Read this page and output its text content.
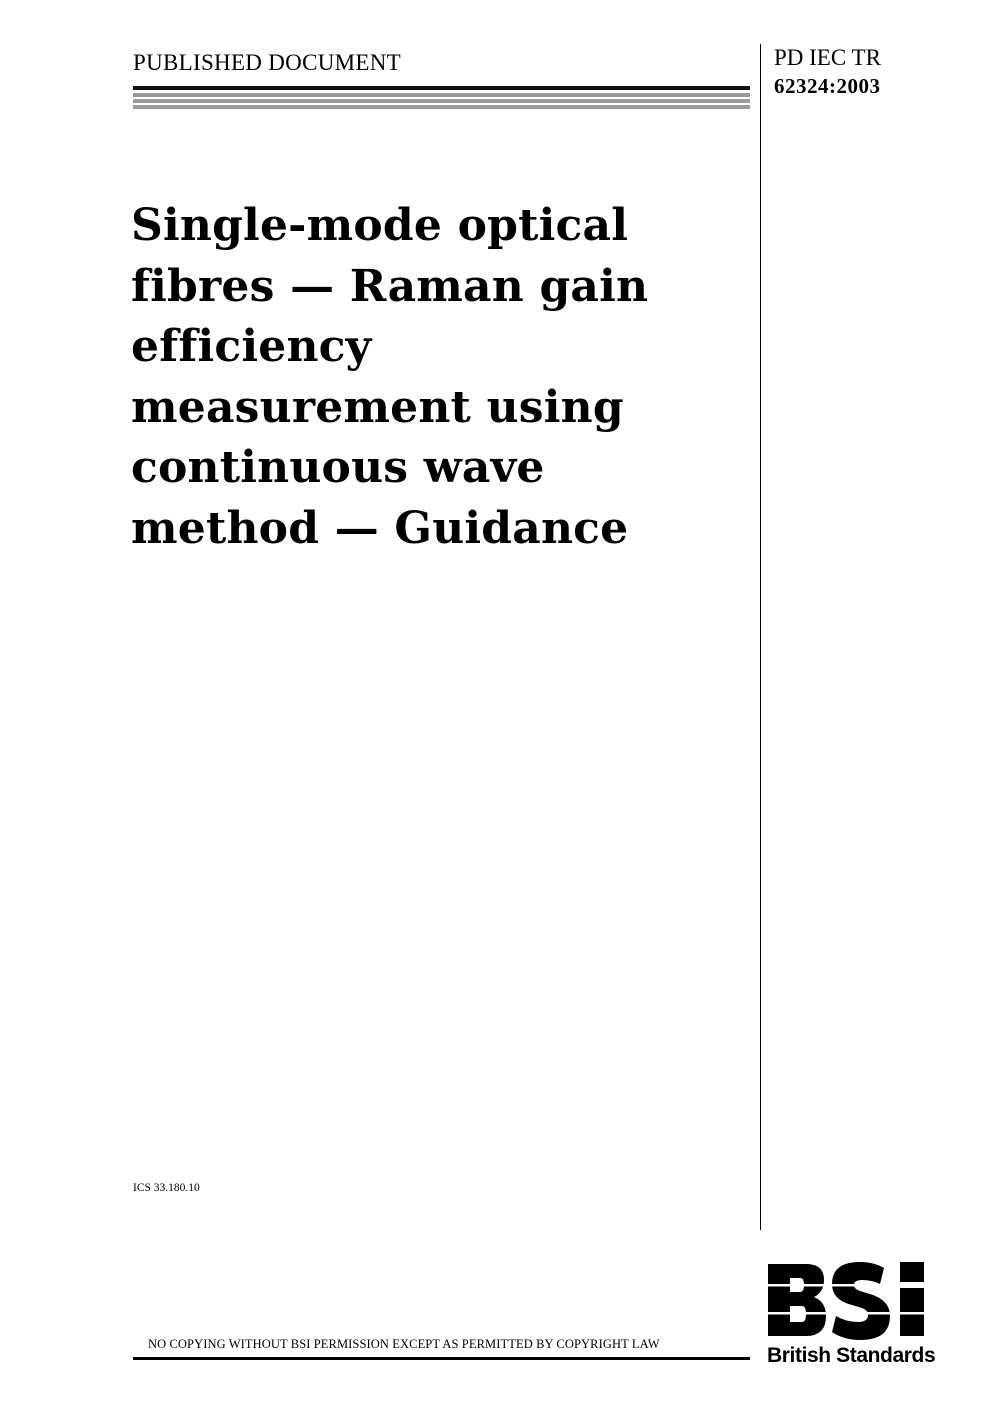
PUBLISHED DOCUMENT	PD IEC TR
62324:2003
Single-mode optical
fibres — Raman gain
efficiency
measurement using
continuous wave
method — Guidance
ICS 33.180.10
NO COPYING WITHOUT BSI PERMISSION EXCEPT AS PERMITTED BY COPYRIGHT LAW	British Standards
